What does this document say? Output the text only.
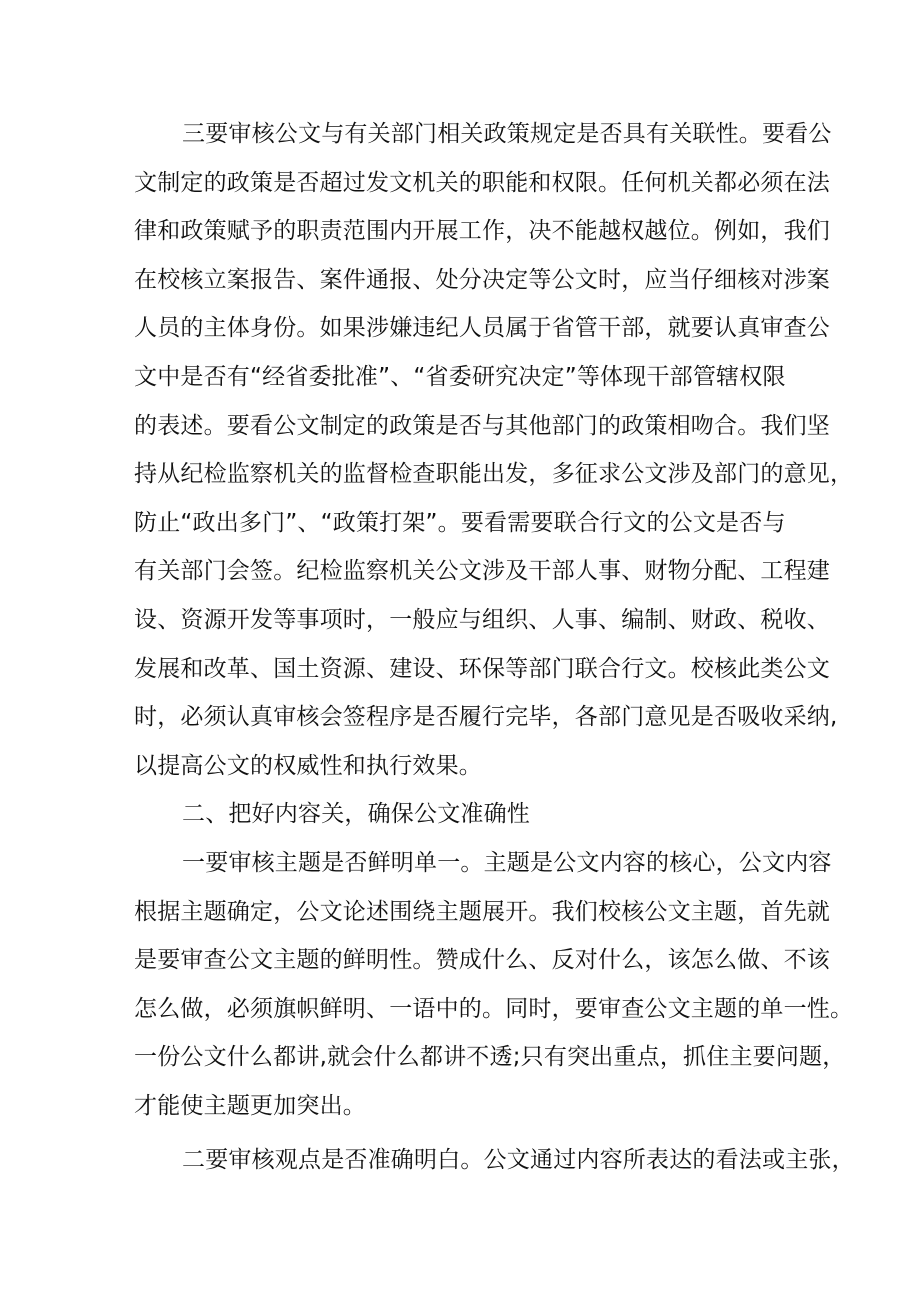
三要审核公文与有关部门相关政策规定是否具有关联性。要看公
文制定的政策是否超过发文机关的职能和权限。任何机关都必须在法
律和政策赋予的职责范围内开展工作，决不能越权越位。例如，我们
在校核立案报告、案件通报、处分决定等公文时，应当仔细核对涉案
人员的主体身份。如果涉嫌违纪人员属于省管干部，就要认真审查公
文中是否有“经省委批准”、“省委研究决定”等体现干部管辖权限
的表述。要看公文制定的政策是否与其他部门的政策相吻合。我们坚
持从纪检监察机关的监督检查职能出发，多征求公文涉及部门的意见，
防止“政出多门”、“政策打架”。要看需要联合行文的公文是否与
有关部门会签。纪检监察机关公文涉及干部人事、财物分配、工程建
设、资源开发等事项时，一般应与组织、人事、编制、财政、税收、
发展和改革、国土资源、建设、环保等部门联合行文。校核此类公文
时，必须认真审核会签程序是否履行完毕，各部门意见是否吸收采纳,
以提高公文的权威性和执行效果。
二、把好内容关，确保公文准确性
一要审核主题是否鲜明单一。主题是公文内容的核心，公文内容
根据主题确定，公文论述围绕主题展开。我们校核公文主题，首先就
是要审查公文主题的鲜明性。赞成什么、反对什么，该怎么做、不该
怎么做，必须旗帜鲜明、一语中的。同时，要审查公文主题的单一性。
一份公文什么都讲,就会什么都讲不透;只有突出重点，抓住主要问题，
才能使主题更加突出。
二要审核观点是否准确明白。公文通过内容所表达的看法或主张，
